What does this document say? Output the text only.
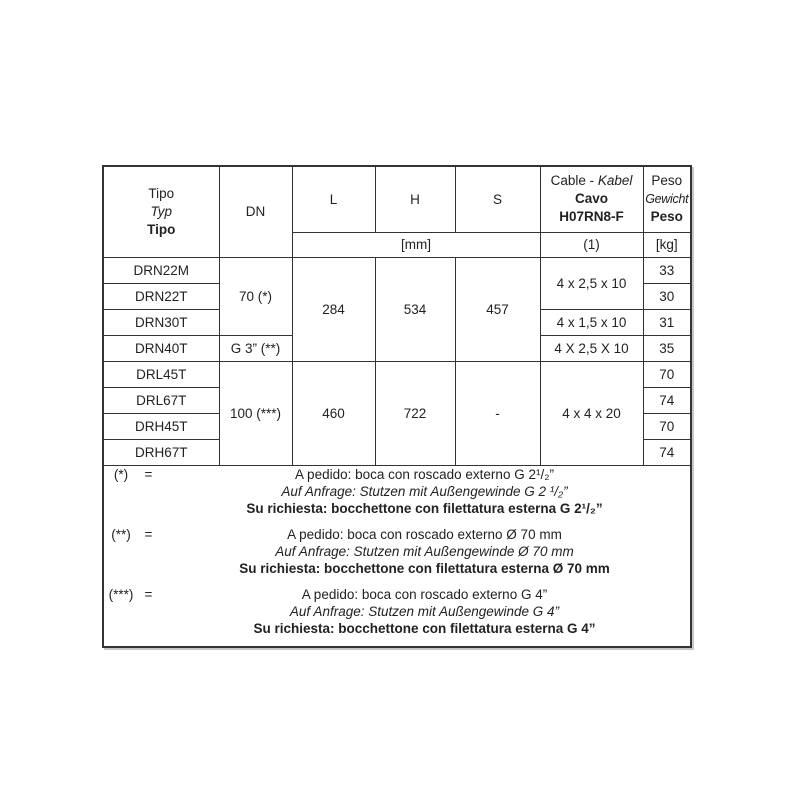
Tipo
Typ
Tipo	DN	L	H	S	Cable - Kabel
Cavo
H07RN8-F	Peso
Gewicht
Peso

		[mm]			(1)	[kg]
DRN22M	70 (*)	284	534	457	4 x 2,5 x 10	33
DRN22T						30
DRN30T					4 x 1,5 x 10	31
DRN40T	G 3” (**)				4 X 2,5 X 10	35
DRL45T	100 (***)	460	722	-	4 x 4 x 20	70
DRL67T						74
DRH45T						70
DRH67T						74

(*)	=	A pedido: boca con roscado externo G 2¹/₂”
Auf Anfrage: Stutzen mit Außengewinde G 2 ¹/₂”
Su richiesta: bocchettone con filettatura esterna G 2¹/₂”
(**)	=	A pedido: boca con roscado externo Ø 70 mm
Auf Anfrage: Stutzen mit Außengewinde Ø 70 mm
Su richiesta: bocchettone con filettatura esterna Ø 70 mm
(***) =	A pedido: boca con roscado externo G 4”
Auf Anfrage: Stutzen mit Außengewinde G 4”
Su richiesta: bocchettone con filettatura esterna G 4”
